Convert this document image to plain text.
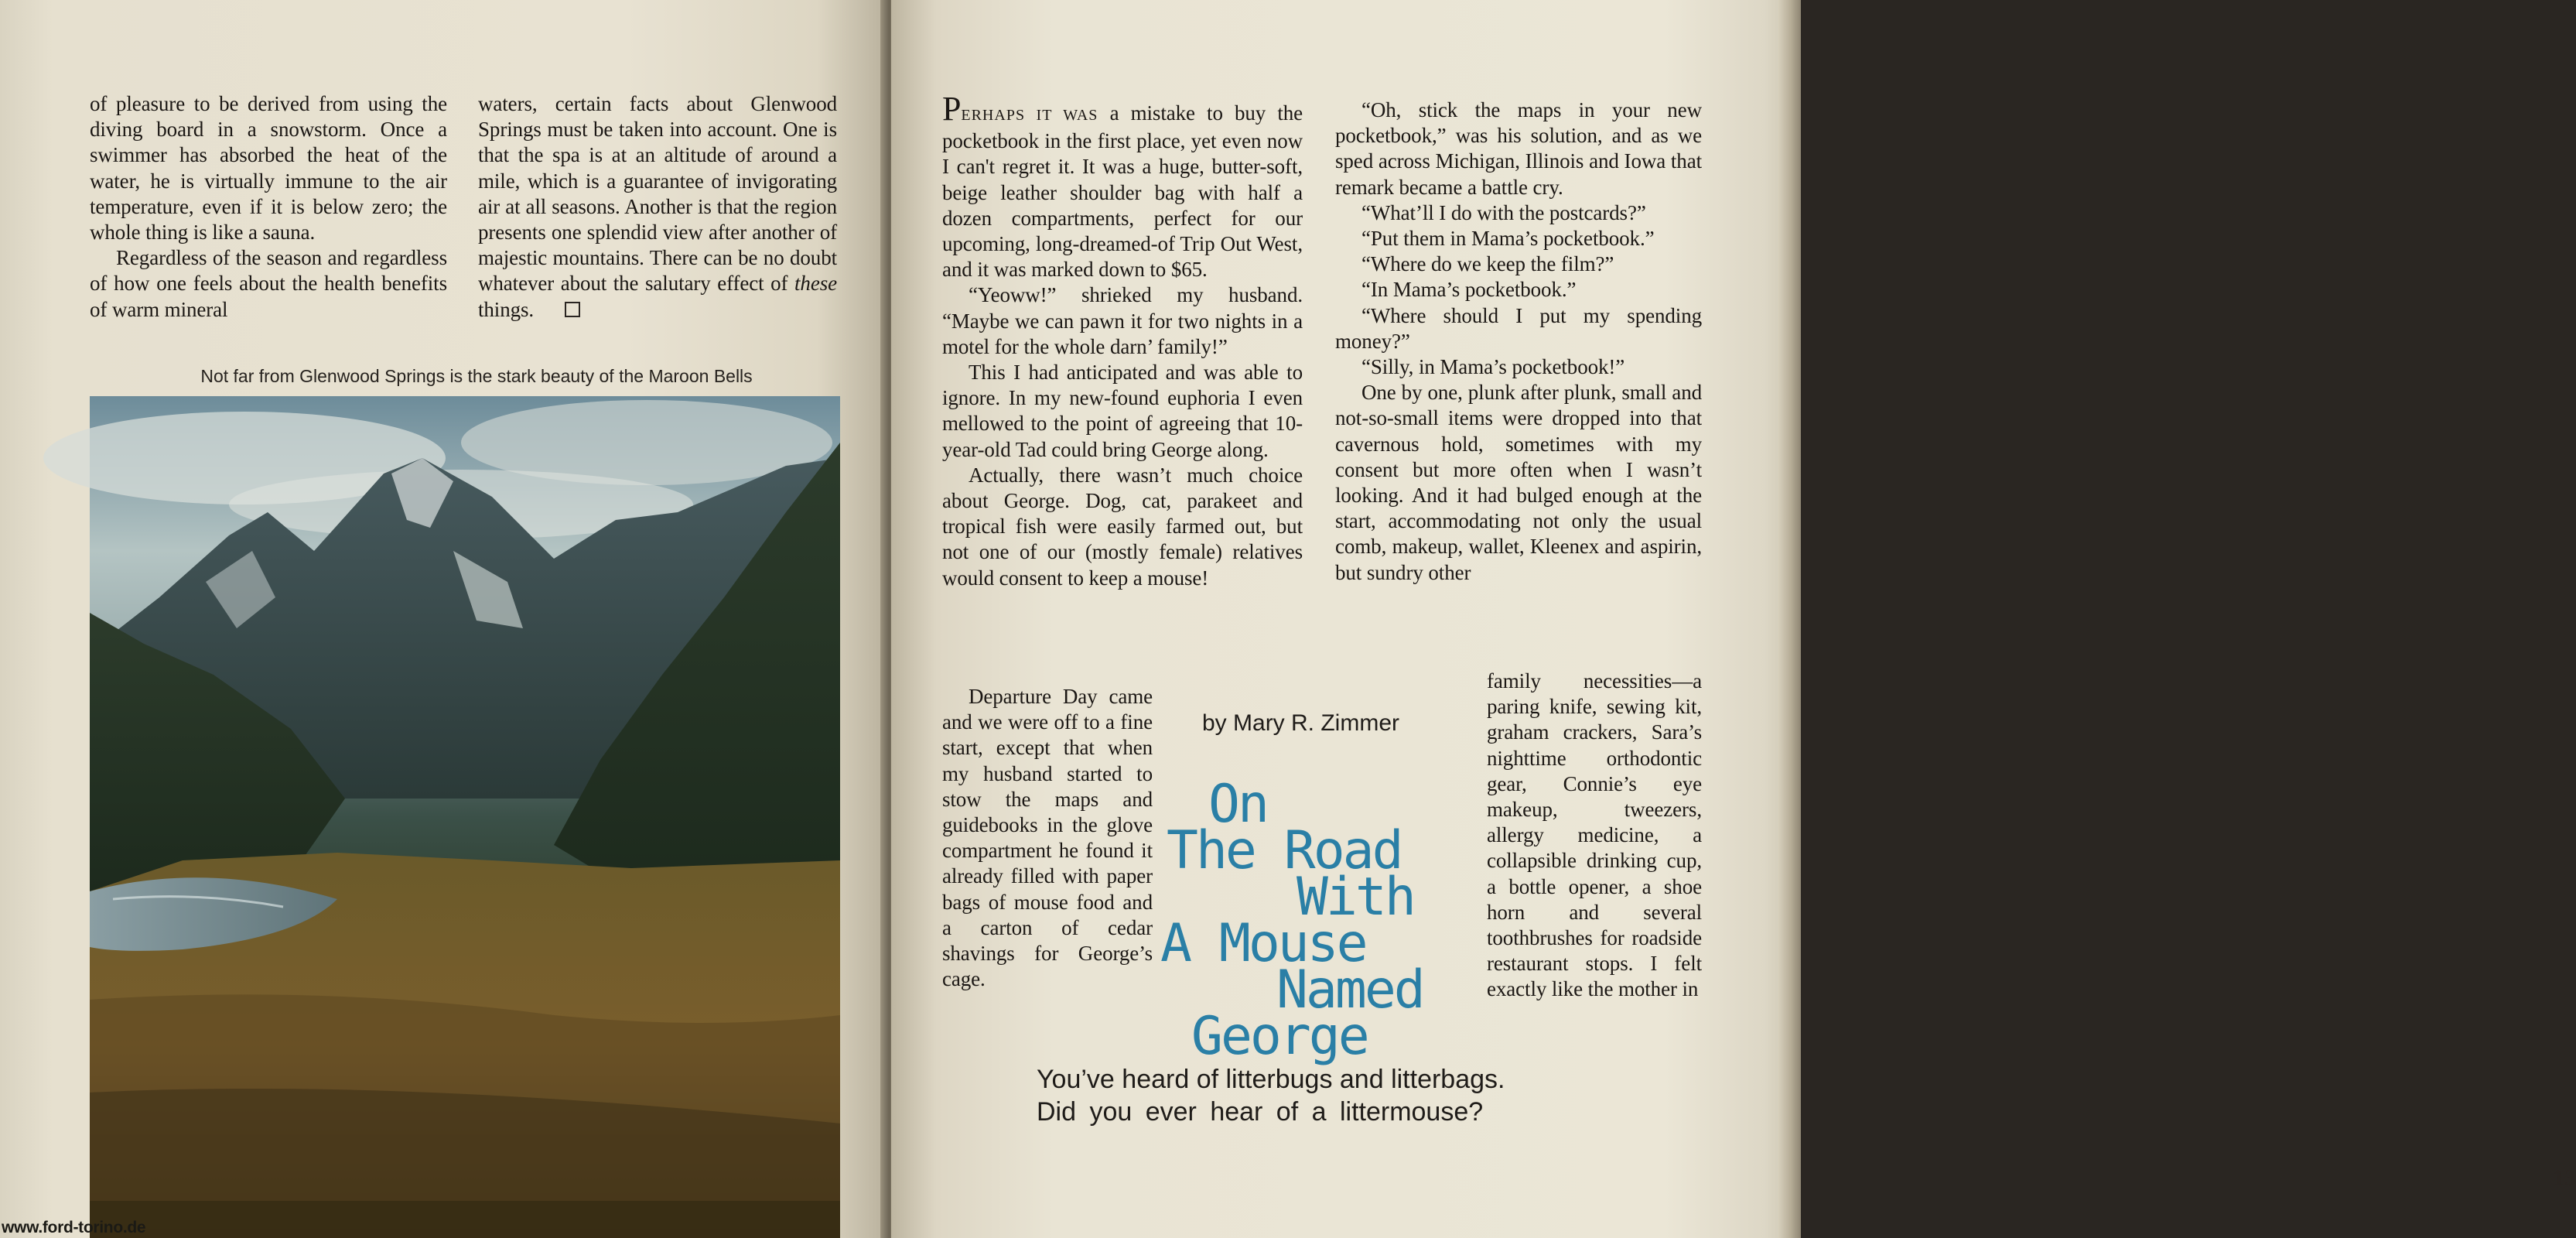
of pleasure to be derived from using the diving board in a snowstorm. Once a swimmer has absorbed the heat of the water, he is virtually immune to the air temperature, even if it is below zero; the whole thing is like a sauna.

Regardless of the season and regardless of how one feels about the health benefits of warm mineral

waters, certain facts about Glenwood Springs must be taken into account. One is that the spa is at an altitude of around a mile, which is a guarantee of invigorating air at all seasons. Another is that the region presents one splendid view after another of majestic mountains. There can be no doubt whatever about the salutary effect of these things.

Not far from Glenwood Springs is the stark beauty of the Maroon Bells
www.ford-torino.de

PERHAPS IT WAS a mistake to buy the pocketbook in the first place, yet even now I can't regret it. It was a huge, butter-soft, beige leather shoulder bag with half a dozen compartments, perfect for our upcoming, long-dreamed-of Trip Out West, and it was marked down to $65.

“Yeoww!” shrieked my husband. “Maybe we can pawn it for two nights in a motel for the whole darn’ family!”

This I had anticipated and was able to ignore. In my new-found euphoria I even mellowed to the point of agreeing that 10-year-old Tad could bring George along.

Actually, there wasn’t much choice about George. Dog, cat, parakeet and tropical fish were easily farmed out, but not one of our (mostly female) relatives would consent to keep a mouse!

Departure Day came and we were off to a fine start, except that when my husband started to stow the maps and guidebooks in the glove compartment he found it already filled with paper bags of mouse food and a carton of cedar shavings for George’s cage.

“Oh, stick the maps in your new pocketbook,” was his solution, and as we sped across Michigan, Illinois and Iowa that remark became a battle cry.

“What’ll I do with the postcards?”

“Put them in Mama’s pocketbook.”

“Where do we keep the film?”

“In Mama’s pocketbook.”

“Where should I put my spending money?”

“Silly, in Mama’s pocketbook!”

One by one, plunk after plunk, small and not-so-small items were dropped into that cavernous hold, sometimes with my consent but more often when I wasn’t looking. And it had bulged enough at the start, accommodating not only the usual comb, makeup, wallet, Kleenex and aspirin, but sundry other

family necessities—a paring knife, sewing kit, graham crackers, Sara’s nighttime orthodontic gear, Connie’s eye makeup, tweezers, allergy medicine, a collapsible drinking cup, a bottle opener, a shoe horn and several toothbrushes for roadside restaurant stops. I felt exactly like the mother in

13
by Mary R. Zimmer
On
The Road
With
A Mouse
Named
George
You’ve heard of litterbugs and litterbags.
Did you ever hear of a littermouse?
